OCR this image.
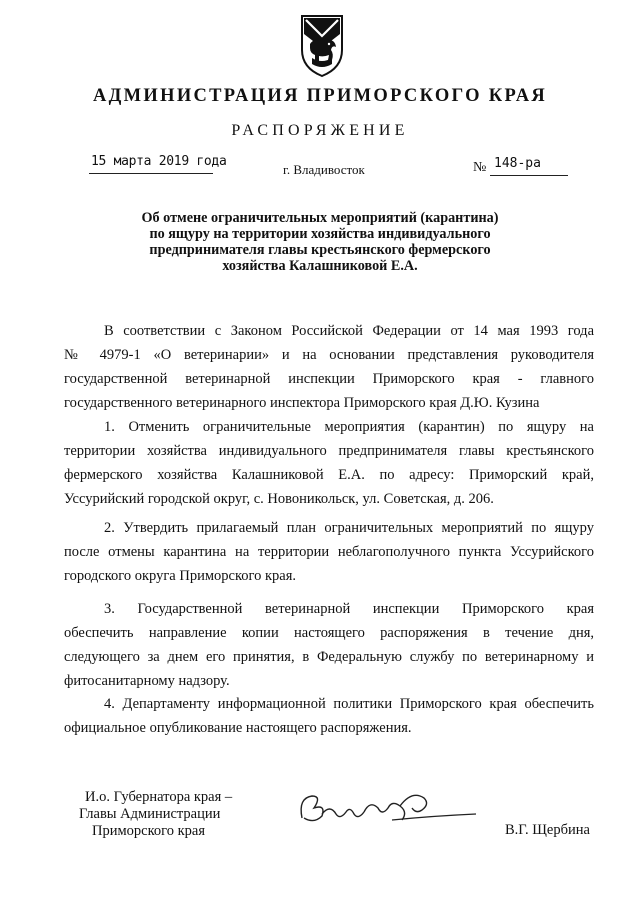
АДМИНИСТРАЦИЯ ПРИМОРСКОГО КРАЯ
РАСПОРЯЖЕНИЕ
15 марта 2019 года
г. Владивосток	№ 148-ра
Об отмене ограничительных мероприятий (карантина)
по ящуру на территории хозяйства индивидуального
предпринимателя главы крестьянского фермерского
хозяйства Калашниковой Е.А.
В соответствии с Законом Российской Федерации от 14 мая 1993 года
№ 4979-1 «О ветеринарии» и на основании представления руководителя
государственной ветеринарной инспекции Приморского края - главного
государственного ветеринарного инспектора Приморского края Д.Ю. Кузина
1. Отменить ограничительные мероприятия (карантин) по ящуру на
территории хозяйства индивидуального предпринимателя главы крестьянского
фермерского хозяйства Калашниковой Е.А. по адресу: Приморский край,
Уссурийский городской округ, с. Новоникольск, ул. Советская, д. 206.
2. Утвердить прилагаемый план ограничительных мероприятий по ящуру
после отмены карантина на территории неблагополучного пункта Уссурийского
городского округа Приморского края.
3. Государственной ветеринарной инспекции Приморского края
обеспечить направление копии настоящего распоряжения в течение дня,
следующего за днем его принятия, в Федеральную службу по ветеринарному и
фитосанитарному надзору.
4. Департаменту информационной политики Приморского края обеспечить
официальное опубликование настоящего распоряжения.
И.о. Губернатора края –
Главы Администрации
Приморского края	В.Г. Щербина
